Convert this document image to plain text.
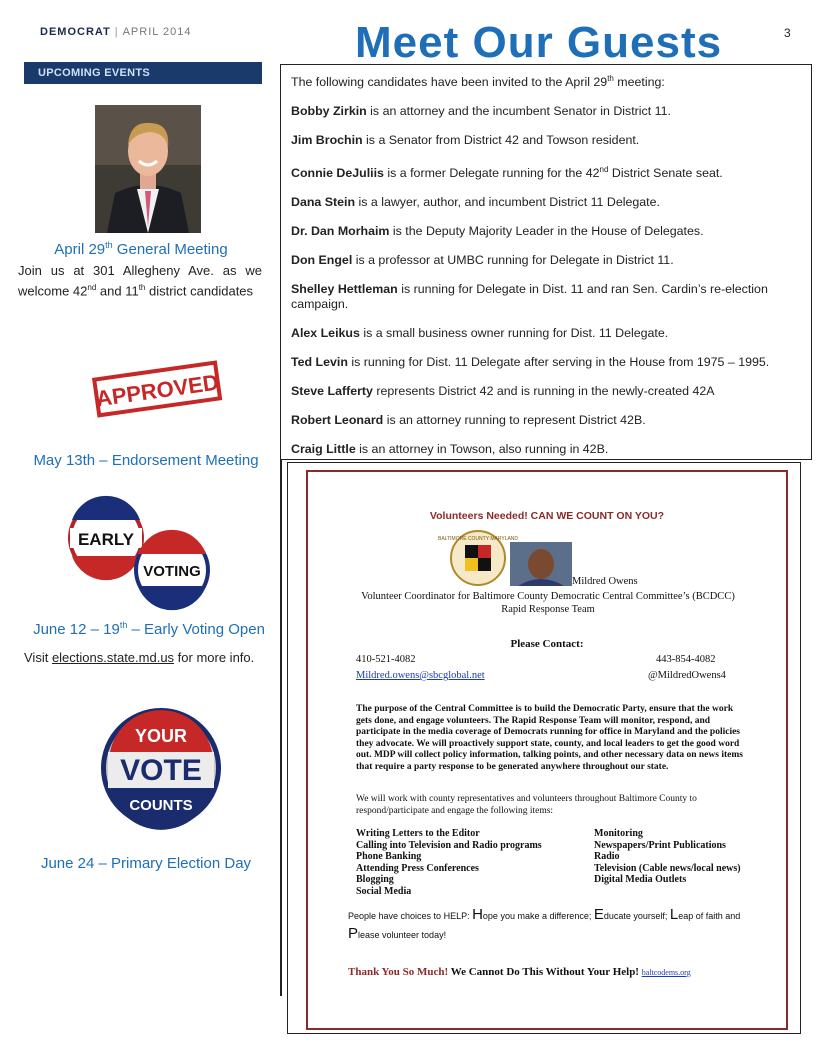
DEMOCRAT | APRIL 2014	Meet Our Guests	3
UPCOMING EVENTS
April 29th General Meeting
Join us at 301 Allegheny Ave. as we welcome 42nd and 11th district candidates
APPROVED
May 13th – Endorsement Meeting
EARLY
VOTING
June 12 – 19th – Early Voting Open
Visit elections.state.md.us for more info.
YOUR
VOTE
COUNTS
June 24 – Primary Election Day

The following candidates have been invited to the April 29th meeting:

Bobby Zirkin is an attorney and the incumbent Senator in District 11.

Jim Brochin is a Senator from District 42 and Towson resident.

Connie DeJuliis is a former Delegate running for the 42nd District Senate seat.

Dana Stein is a lawyer, author, and incumbent District 11 Delegate.

Dr. Dan Morhaim is the Deputy Majority Leader in the House of Delegates.

Don Engel is a professor at UMBC running for Delegate in District 11.

Shelley Hettleman is running for Delegate in Dist. 11 and ran Sen. Cardin’s re-election campaign.

Alex Leikus is a small business owner running for Dist. 11 Delegate.

Ted Levin is running for Dist. 11 Delegate after serving in the House from 1975 – 1995.

Steve Lafferty represents District 42 and is running in the newly-created 42A

Robert Leonard is an attorney running to represent District 42B.

Craig Little is an attorney in Towson, also running in 42B.

Volunteers Needed! CAN WE COUNT ON YOU?
BALTIMORE COUNTY MARYLAND
Mildred Owens
Volunteer Coordinator for Baltimore County Democratic Central Committee’s (BCDCC) Rapid Response Team
Please Contact:
410-521-4082	443-854-4082
Mildred.owens@sbcglobal.net	@MildredOwens4
The purpose of the Central Committee is to build the Democratic Party, ensure that the work gets done, and engage volunteers. The Rapid Response Team will monitor, respond, and participate in the media coverage of Democrats running for office in Maryland and the policies they advocate. We will proactively support state, county, and local leaders to get the good word out. MDP will collect policy information, talking points, and other necessary data on news items that require a party response to be generated anywhere throughout our state.
We will work with county representatives and volunteers throughout Baltimore County to respond/participate and engage the following items:
Writing Letters to the Editor
Calling into Television and Radio programs
Phone Banking
Attending Press Conferences
Blogging
Social Media
Monitoring
Newspapers/Print Publications
Radio
Television (Cable news/local news)
Digital Media Outlets
People have choices to HELP: Hope you make a difference; Educate yourself; Leap of faith and Please volunteer today!
Thank You So Much! We Cannot Do This Without Your Help! baltcodems.org
